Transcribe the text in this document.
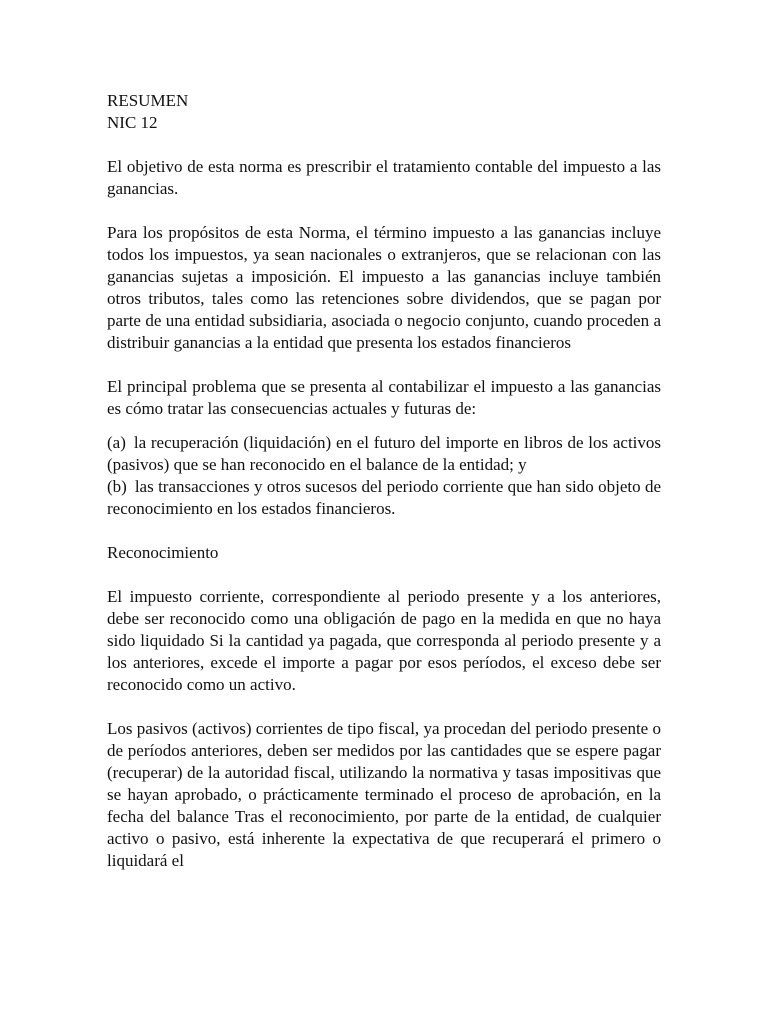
RESUMEN
NIC 12

El objetivo de esta norma es prescribir el tratamiento contable del impuesto a las ganancias.

Para los propósitos de esta Norma, el término impuesto a las ganancias incluye todos los impuestos, ya sean nacionales o extranjeros, que se relacionan con las ganancias sujetas a imposición. El impuesto a las ganancias incluye también otros tributos, tales como las retenciones sobre dividendos, que se pagan por parte de una entidad subsidiaria, asociada o negocio conjunto, cuando proceden a distribuir ganancias a la entidad que presenta los estados financieros

El principal problema que se presenta al contabilizar el impuesto a las ganancias es cómo tratar las consecuencias actuales y futuras de:

(a) la recuperación (liquidación) en el futuro del importe en libros de los activos (pasivos) que se han reconocido en el balance de la entidad; y

(b) las transacciones y otros sucesos del periodo corriente que han sido objeto de reconocimiento en los estados financieros.

Reconocimiento

El impuesto corriente, correspondiente al periodo presente y a los anteriores, debe ser reconocido como una obligación de pago en la medida en que no haya sido liquidado Si la cantidad ya pagada, que corresponda al periodo presente y a los anteriores, excede el importe a pagar por esos períodos, el exceso debe ser reconocido como un activo.

Los pasivos (activos) corrientes de tipo fiscal, ya procedan del periodo presente o de períodos anteriores, deben ser medidos por las cantidades que se espere pagar (recuperar) de la autoridad fiscal, utilizando la normativa y tasas impositivas que se hayan aprobado, o prácticamente terminado el proceso de aprobación, en la fecha del balance Tras el reconocimiento, por parte de la entidad, de cualquier activo o pasivo, está inherente la expectativa de que recuperará el primero o liquidará el
